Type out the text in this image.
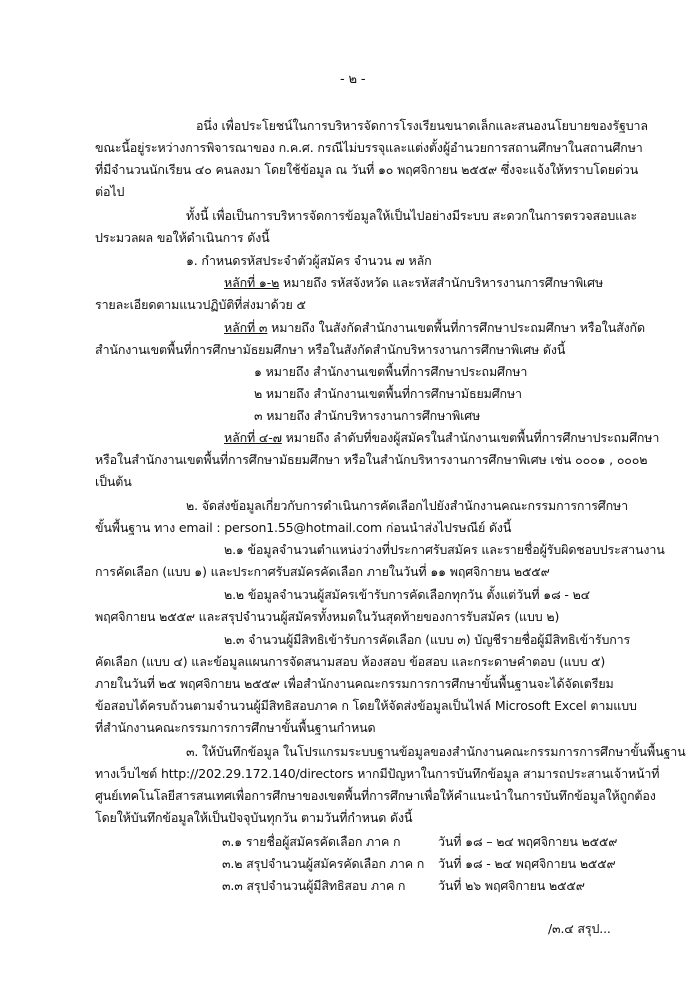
- ๒ -
อนึ่ง เพื่อประโยชน์ในการบริหารจัดการโรงเรียนขนาดเล็กและสนองนโยบายของรัฐบาล
ขณะนี้อยู่ระหว่างการพิจารณาของ ก.ค.ศ. กรณีไม่บรรจุและแต่งตั้งผู้อำนวยการสถานศึกษาในสถานศึกษา
ที่มีจำนวนนักเรียน ๔๐ คนลงมา โดยใช้ข้อมูล ณ วันที่ ๑๐ พฤศจิกายน ๒๕๕๙ ซึ่งจะแจ้งให้ทราบโดยด่วน
ต่อไป
ทั้งนี้ เพื่อเป็นการบริหารจัดการข้อมูลให้เป็นไปอย่างมีระบบ สะดวกในการตรวจสอบและ
ประมวลผล ขอให้ดำเนินการ ดังนี้
๑. กำหนดรหัสประจำตัวผู้สมัคร จำนวน ๗ หลัก
หลักที่ ๑-๒ หมายถึง รหัสจังหวัด และรหัสสำนักบริหารงานการศึกษาพิเศษ
รายละเอียดตามแนวปฏิบัติที่ส่งมาด้วย ๕
หลักที่ ๓ หมายถึง ในสังกัดสำนักงานเขตพื้นที่การศึกษาประถมศึกษา หรือในสังกัด
สำนักงานเขตพื้นที่การศึกษามัธยมศึกษา หรือในสังกัดสำนักบริหารงานการศึกษาพิเศษ ดังนี้
๑ หมายถึง สำนักงานเขตพื้นที่การศึกษาประถมศึกษา
๒ หมายถึง สำนักงานเขตพื้นที่การศึกษามัธยมศึกษา
๓ หมายถึง สำนักบริหารงานการศึกษาพิเศษ
หลักที่ ๔-๗ หมายถึง ลำดับที่ของผู้สมัครในสำนักงานเขตพื้นที่การศึกษาประถมศึกษา
หรือในสำนักงานเขตพื้นที่การศึกษามัธยมศึกษา หรือในสำนักบริหารงานการศึกษาพิเศษ เช่น ๐๐๐๑ , ๐๐๐๒
เป็นต้น
๒. จัดส่งข้อมูลเกี่ยวกับการดำเนินการคัดเลือกไปยังสำนักงานคณะกรรมการการศึกษา
ขั้นพื้นฐาน ทาง email : person1.55@hotmail.com ก่อนนำส่งไปรษณีย์ ดังนี้
๒.๑ ข้อมูลจำนวนตำแหน่งว่างที่ประกาศรับสมัคร และรายชื่อผู้รับผิดชอบประสานงาน
การคัดเลือก (แบบ ๑) และประกาศรับสมัครคัดเลือก ภายในวันที่ ๑๑ พฤศจิกายน ๒๕๕๙
๒.๒ ข้อมูลจำนวนผู้สมัครเข้ารับการคัดเลือกทุกวัน ตั้งแต่วันที่ ๑๘ - ๒๔
พฤศจิกายน ๒๕๕๙ และสรุปจำนวนผู้สมัครทั้งหมดในวันสุดท้ายของการรับสมัคร (แบบ ๒)
๒.๓ จำนวนผู้มีสิทธิเข้ารับการคัดเลือก (แบบ ๓) บัญชีรายชื่อผู้มีสิทธิเข้ารับการ
คัดเลือก (แบบ ๔) และข้อมูลแผนการจัดสนามสอบ ห้องสอบ ข้อสอบ และกระดาษคำตอบ (แบบ ๕)
ภายในวันที่ ๒๕ พฤศจิกายน ๒๕๕๙ เพื่อสำนักงานคณะกรรมการการศึกษาขั้นพื้นฐานจะได้จัดเตรียม
ข้อสอบได้ครบถ้วนตามจำนวนผู้มีสิทธิสอบภาค ก โดยให้จัดส่งข้อมูลเป็นไฟล์ Microsoft Excel ตามแบบ
ที่สำนักงานคณะกรรมการการศึกษาขั้นพื้นฐานกำหนด
๓. ให้บันทึกข้อมูล ในโปรแกรมระบบฐานข้อมูลของสำนักงานคณะกรรมการการศึกษาขั้นพื้นฐาน
ทางเว็บไซต์ http://202.29.172.140/directors หากมีปัญหาในการบันทึกข้อมูล สามารถประสานเจ้าหน้าที่
ศูนย์เทคโนโลยีสารสนเทศเพื่อการศึกษาของเขตพื้นที่การศึกษาเพื่อให้คำแนะนำในการบันทึกข้อมูลให้ถูกต้อง
โดยให้บันทึกข้อมูลให้เป็นปัจจุบันทุกวัน ตามวันที่กำหนด ดังนี้
๓.๑ รายชื่อผู้สมัครคัดเลือก ภาค ก	วันที่ ๑๘ – ๒๔ พฤศจิกายน ๒๕๕๙
๓.๒ สรุปจำนวนผู้สมัครคัดเลือก ภาค ก วันที่ ๑๘ - ๒๔ พฤศจิกายน ๒๕๕๙
๓.๓ สรุปจำนวนผู้มีสิทธิสอบ ภาค ก	วันที่ ๒๖ พฤศจิกายน ๒๕๕๙
/๓.๔ สรุป...
